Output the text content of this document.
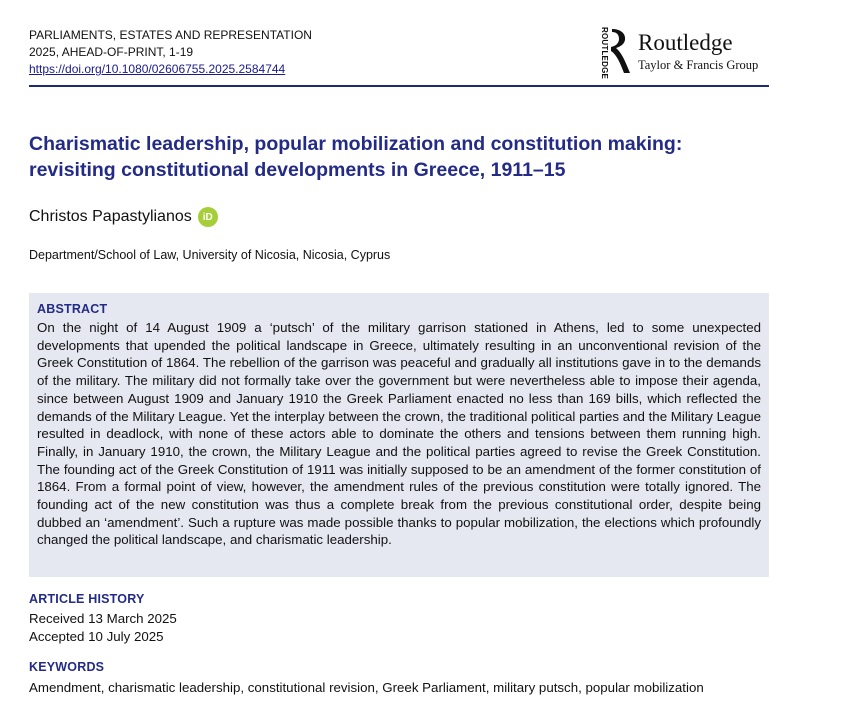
PARLIAMENTS, ESTATES AND REPRESENTATION
2025, AHEAD-OF-PRINT, 1-19
https://doi.org/10.1080/02606755.2025.2584744	ROUTLEDGE Routledge
Taylor & Francis Group
Charismatic leadership, popular mobilization and constitution making: revisiting constitutional developments in Greece, 1911–15
Christos Papastylianos	iD
Department/School of Law, University of Nicosia, Nicosia, Cyprus
ABSTRACT

On the night of 14 August 1909 a ‘putsch’ of the military garrison stationed in Athens, led to some unexpected developments that upended the political landscape in Greece, ultimately resulting in an unconventional revision of the Greek Constitution of 1864. The rebellion of the garrison was peaceful and gradually all institutions gave in to the demands of the military. The military did not formally take over the government but were nevertheless able to impose their agenda, since between August 1909 and January 1910 the Greek Parliament enacted no less than 169 bills, which reflected the demands of the Military League. Yet the interplay between the crown, the traditional political parties and the Military League resulted in deadlock, with none of these actors able to dominate the others and tensions between them running high. Finally, in January 1910, the crown, the Military League and the political parties agreed to revise the Greek Constitution. The founding act of the Greek Constitution of 1911 was initially supposed to be an amendment of the former constitution of 1864. From a formal point of view, however, the amendment rules of the previous constitution were totally ignored. The founding act of the new constitution was thus a complete break from the previous constitutional order, despite being dubbed an ‘amendment’. Such a rupture was made possible thanks to popular mobilization, the elections which profoundly changed the political landscape, and charismatic leadership.

ARTICLE HISTORY
Received 13 March 2025
Accepted 10 July 2025
KEYWORDS
Amendment, charismatic leadership, constitutional revision, Greek Parliament, military putsch, popular mobilization
